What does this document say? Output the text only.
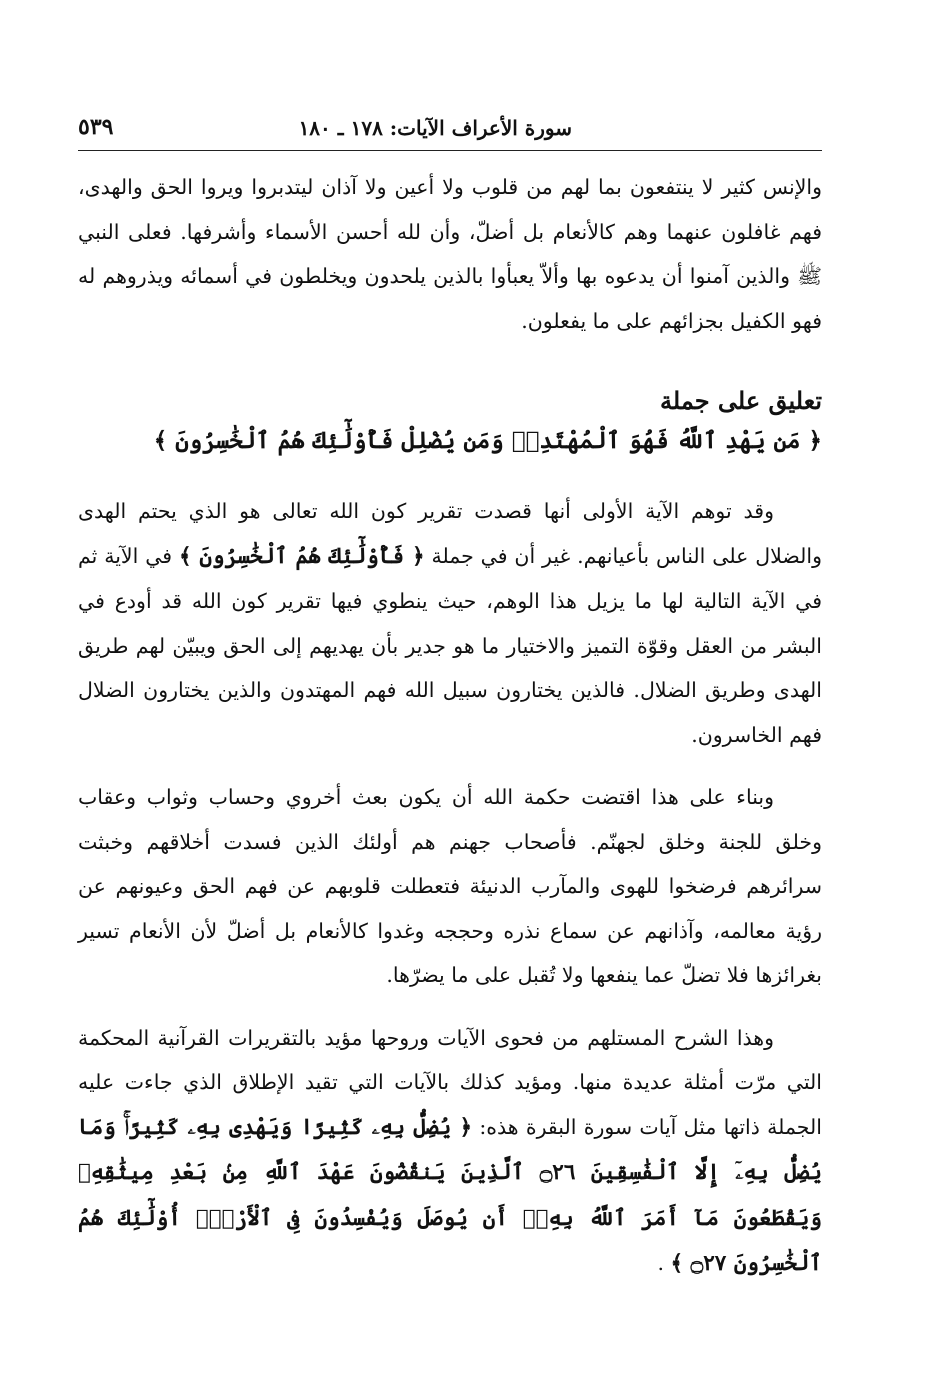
سورة الأعراف الآيات: ١٧٨ ـ ١٨٠
٥٣٩

والإنس كثير لا ينتفعون بما لهم من قلوب ولا أعين ولا آذان ليتدبروا ويروا الحق والهدى، فهم غافلون عنهما وهم كالأنعام بل أضلّ، وأن لله أحسن الأسماء وأشرفها. فعلى النبي ﷺ والذين آمنوا أن يدعوه بها وألاّ يعبأوا بالذين يلحدون ويخلطون في أسمائه ويذروهم له فهو الكفيل بجزائهم على ما يفعلون.

تعليق على جملة
﴿ مَن يَهْدِ ٱللَّهُ فَهُوَ ٱلْمُهْتَدِىۖ وَمَن يُضْلِلْ فَأُوْلَٰٓئِكَ هُمُ ٱلْخَٰسِرُونَ ﴾

وقد توهم الآية الأولى أنها قصدت تقرير كون الله تعالى هو الذي يحتم الهدى والضلال على الناس بأعيانهم. غير أن في جملة ﴿ فَأُوْلَٰٓئِكَ هُمُ ٱلْخَٰسِرُونَ ﴾ في الآية ثم في الآية التالية لها ما يزيل هذا الوهم، حيث ينطوي فيها تقرير كون الله قد أودع في البشر من العقل وقوّة التميز والاختيار ما هو جدير بأن يهديهم إلى الحق ويبيّن لهم طريق الهدى وطريق الضلال. فالذين يختارون سبيل الله فهم المهتدون والذين يختارون الضلال فهم الخاسرون.

وبناء على هذا اقتضت حكمة الله أن يكون بعث أخروي وحساب وثواب وعقاب وخلق للجنة وخلق لجهنّم. فأصحاب جهنم هم أولئك الذين فسدت أخلاقهم وخبثت سرائرهم فرضخوا للهوى والمآرب الدنيئة فتعطلت قلوبهم عن فهم الحق وعيونهم عن رؤية معالمه، وآذانهم عن سماع نذره وحججه وغدوا كالأنعام بل أضلّ لأن الأنعام تسير بغرائزها فلا تضلّ عما ينفعها ولا تُقبل على ما يضرّها.

وهذا الشرح المستلهم من فحوى الآيات وروحها مؤيد بالتقريرات القرآنية المحكمة التي مرّت أمثلة عديدة منها. ومؤيد كذلك بالآيات التي تقيد الإطلاق الذي جاءت عليه الجملة ذاتها مثل آيات سورة البقرة هذه: ﴿ يُضِلُّ بِهِۦ كَثِيرًا وَيَهْدِى بِهِۦ كَثِيرًاۚ وَمَا يُضِلُّ بِهِۦٓ إِلَّا ٱلْفَٰسِقِينَ ۝٢٦ ٱلَّذِينَ يَنقُضُونَ عَهْدَ ٱللَّهِ مِنۢ بَعْدِ مِيثَٰقِهِۦ وَيَقْطَعُونَ مَآ أَمَرَ ٱللَّهُ بِهِۦٓ أَن يُوصَلَ وَيُفْسِدُونَ فِى ٱلْأَرْضِۚ أُوْلَٰٓئِكَ هُمُ ٱلْخَٰسِرُونَ ۝٢٧ ﴾ .
